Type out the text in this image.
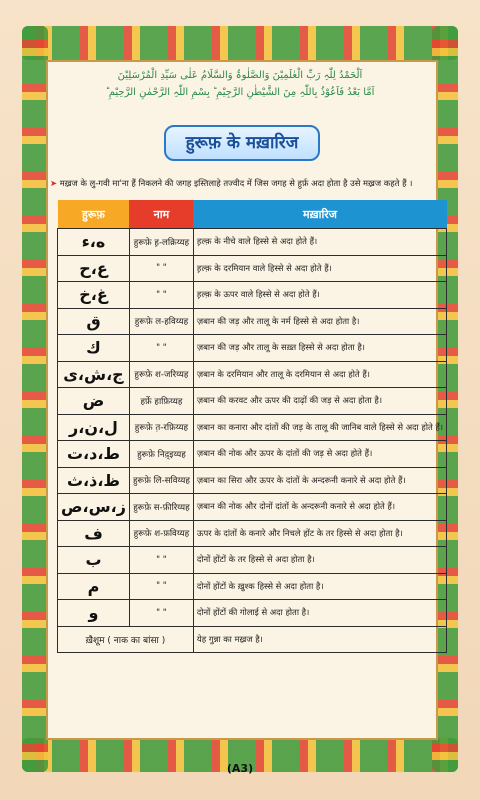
اَلْحَمْدُ لِلّٰہِ رَبِّ الْعٰلَمِیْنَ وَالصَّلٰوۃُ وَالسَّلَامُ عَلٰی سَیِّدِ الْمُرْسَلِیْنَ
اَمَّا بَعْدُ فَاَعُوْذُ بِاللّٰہِ مِنَ الشَّیْطٰنِ الرَّجِیْمِ ؕ بِسْمِ اللّٰہِ الرَّحْمٰنِ الرَّحِیْمِ ؕ
हुरूफ़ के मख़ारिज
➤ मख़्रज के लु-गवी मा'ना हैं निकलने की जगह इस्तिलाहे तज्वीद में जिस जगह से हुर्फ़ अदा होता है उसे मख़्रज कहते हैं ।
हुरूफ़	नाम	मख़ारिज
ه،ء	हुरूफ़े ह़-लक़िय्यह	ह़ल्क़ के नीचे वाले हिस्से से अदा होते हैं।
ع،ح	" "	ह़ल्क़ के दरमियान वाले हिस्से से अदा होते हैं।
غ،خ	" "	ह़ल्क़ के ऊपर वाले हिस्से से अदा होते हैं।
ق	हुरूफ़े ल-हविय्यह	ज़बान की जड़ और तालू के नर्म हिस्से से अदा होता है।
ك	" "	ज़बान की जड़ और तालू के सख़्त हिस्से से अदा होता है।
ج،ش،ی	हुरूफ़े श-जरिय्यह	ज़बान के दरमियान और तालू के दरमियान से अदा होते हैं।
ض	हर्फ़े हाफ़िय्यह	ज़बान की करवट और ऊपर की दाढ़ों की जड़ से अदा होता है।
ل،ن،ر	हुरूफ़े त़-रफ़िय्यह	ज़बान का कनारा और दांतों की जड़ के तालू की जानिब वाले हिस्से से अदा होते हैं।
ط،د،ت	हुरूफ़े निद़्इय्यह	ज़बान की नोक और ऊपर के दांतों की जड़ से अदा होते हैं।
ظ،ذ،ث	हुरूफ़े लि-सविय्यह	ज़बान का सिरा और ऊपर के दांतों के अन्दरूनी कनारे से अदा होते हैं।
ز،س،ص	हुरूफ़े स-फ़ीरिय्यह	ज़बान की नोक और दोनों दांतों के अन्दरूनी कनारे से अदा होते हैं।
ف	हुरूफ़े श-फ़विय्यह	ऊपर के दांतों के कनारे और निचले होंट के तर हिस्से से अदा होता है।
ب	" "	दोनों होंटों के तर हिस्से से अदा होता है।
م	" "	दोनों होंटों के ख़ुश्क हिस्से से अदा होता है।
و	" "	दोनों होंटों की गोलाई से अदा होता है।
ख़ैशूम ( नाक का बांसा )		येह गुन्ना का मख़्रज है।
(A3)
